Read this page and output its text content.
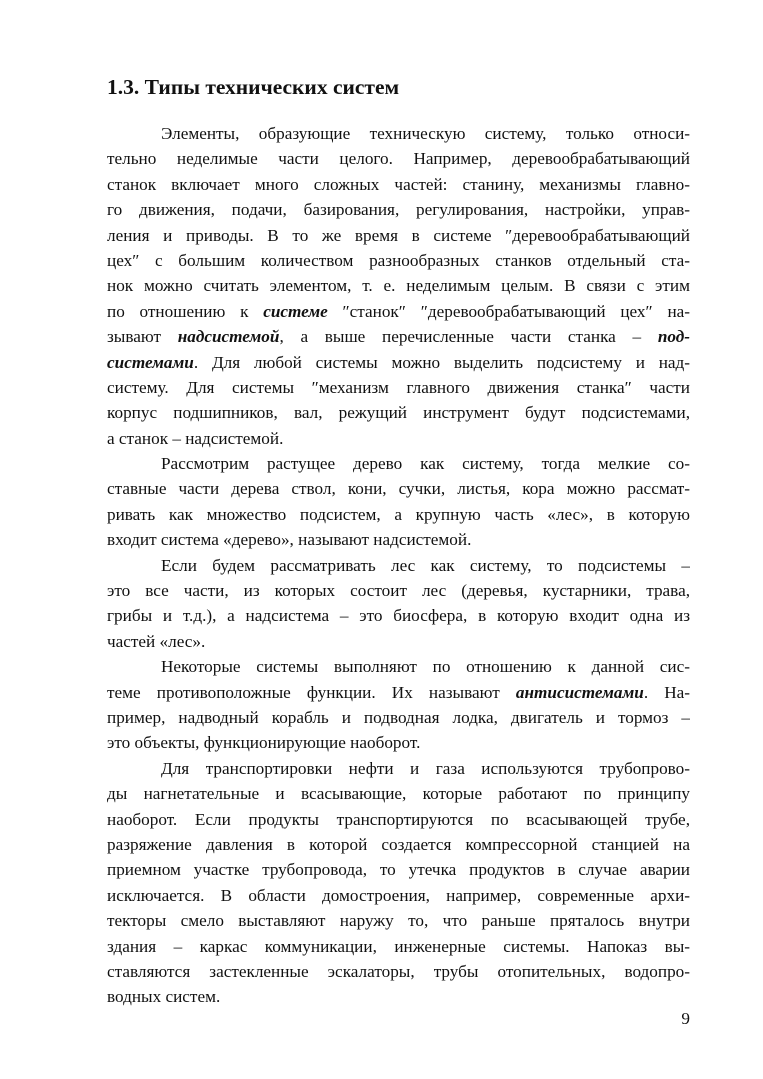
1.3. Типы технических систем
Элементы, образующие техническую систему, только относи-
тельно неделимые части целого. Например, деревообрабатывающий
станок включает много сложных частей: станину, механизмы главно-
го движения, подачи, базирования, регулирования, настройки, управ-
ления и приводы. В то же время в системе ″деревообрабатывающий
цех″ с большим количеством разнообразных станков отдельный ста-
нок можно считать элементом, т. е. неделимым целым. В связи с этим
по отношению к системе ″станок″ ″деревообрабатывающий цех″ на-
зывают надсистемой, а выше перечисленные части станка – под-
системами. Для любой системы можно выделить подсистему и над-
систему. Для системы ″механизм главного движения станка″ части
корпус подшипников, вал, режущий инструмент будут подсистемами,
а станок – надсистемой.
Рассмотрим растущее дерево как систему, тогда мелкие со-
ставные части дерева ствол, кони, сучки, листья, кора можно рассмат-
ривать как множество подсистем, а крупную часть «лес», в которую
входит система «дерево», называют надсистемой.
Если будем рассматривать лес как систему, то подсистемы –
это все части, из которых состоит лес (деревья, кустарники, трава,
грибы и т.д.), а надсистема – это биосфера, в которую входит одна из
частей «лес».
Некоторые системы выполняют по отношению к данной сис-
теме противоположные функции. Их называют антисистемами. На-
пример, надводный корабль и подводная лодка, двигатель и тормоз –
это объекты, функционирующие наоборот.
Для транспортировки нефти и газа используются трубопрово-
ды нагнетательные и всасывающие, которые работают по принципу
наоборот. Если продукты транспортируются по всасывающей трубе,
разряжение давления в которой создается компрессорной станцией на
приемном участке трубопровода, то утечка продуктов в случае аварии
исключается. В области домостроения, например, современные архи-
текторы смело выставляют наружу то, что раньше пряталось внутри
здания – каркас коммуникации, инженерные системы. Напоказ вы-
ставляются застекленные эскалаторы, трубы отопительных, водопро-
водных систем.
9
